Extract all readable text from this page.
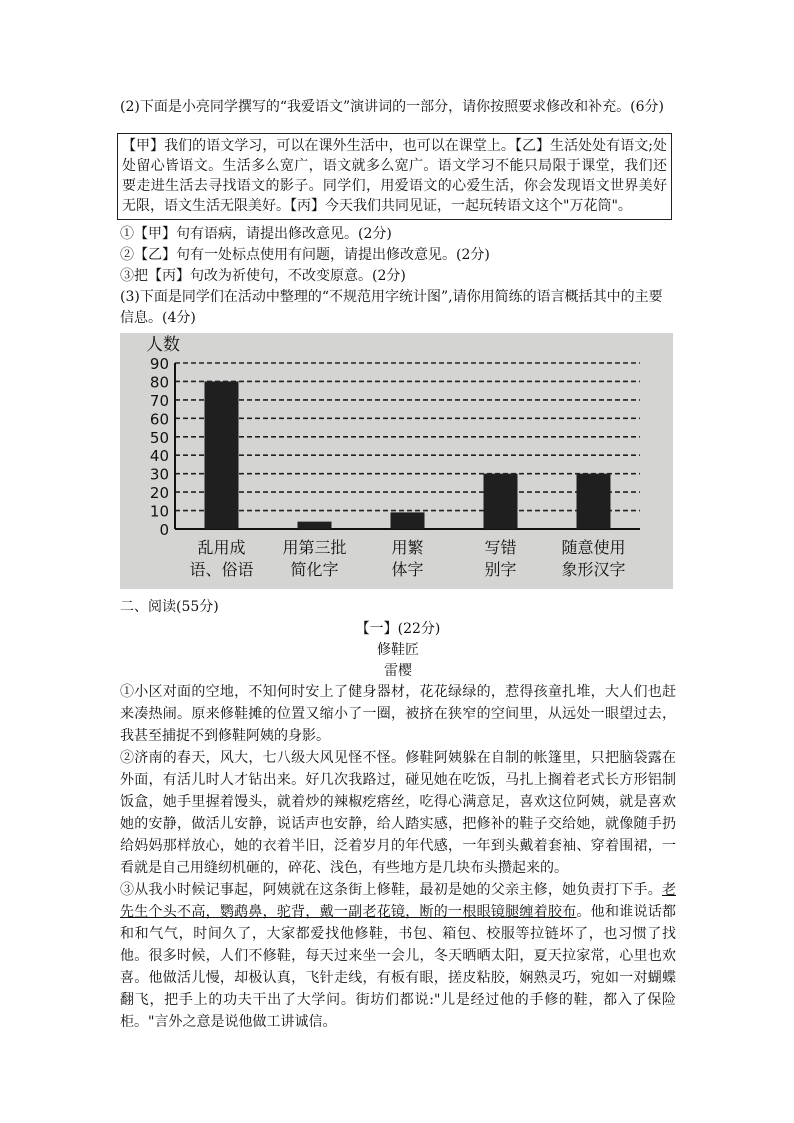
(2)下面是小亮同学撰写的“我爱语文”演讲词的一部分，请你按照要求修改和补充。(6分)
【甲】我们的语文学习，可以在课外生活中，也可以在课堂上。【乙】生活处处有语文;处处留心皆语文。生活多么宽广，语文就多么宽广。语文学习不能只局限于课堂，我们还要走进生活去寻找语文的影子。同学们，用爱语文的心爱生活，你会发现语文世界美好无限，语文生活无限美好。【丙】今天我们共同见证，一起玩转语文这个"万花筒"。
①【甲】句有语病，请提出修改意见。(2分)
②【乙】句有一处标点使用有问题，请提出修改意见。(2分)
③把【丙】句改为祈使句，不改变原意。(2分)
(3)下面是同学们在活动中整理的“不规范用字统计图”,请你用简练的语言概括其中的主要
信息。(4分)
人数
0
10
20
30
40
50
60
70
80
90
乱用成
语、俗语
用第三批
简化字
用繁
体字
写错
别字
随意使用
象形汉字
二、阅读(55分)
【一】(22分)
修鞋匠
雷樱
①小区对面的空地，不知何时安上了健身器材，花花绿绿的，惹得孩童扎堆，大人们也赶来凑热闹。原来修鞋摊的位置又缩小了一圈，被挤在狭窄的空间里，从远处一眼望过去，我甚至捕捉不到修鞋阿姨的身影。
②济南的春天，风大，七八级大风见怪不怪。修鞋阿姨躲在自制的帐篷里，只把脑袋露在外面，有活儿时人才钻出来。好几次我路过，碰见她在吃饭，马扎上搁着老式长方形铝制饭盒，她手里握着馒头，就着炒的辣椒疙瘩丝，吃得心满意足，喜欢这位阿姨，就是喜欢她的安静，做活儿安静，说话声也安静，给人踏实感，把修补的鞋子交给她，就像随手扔给妈妈那样放心，她的衣着半旧，泛着岁月的年代感，一年到头戴着套袖、穿着围裙，一看就是自己用缝纫机砸的，碎花、浅色，有些地方是几块布头攒起来的。
③从我小时候记事起，阿姨就在这条街上修鞋，最初是她的父亲主修，她负责打下手。老先生个头不高，鹦鹉鼻，驼背，戴一副老花镜，断的一根眼镜腿缠着胶布。他和谁说话都和和气气，时间久了，大家都爱找他修鞋，书包、箱包、校服等拉链坏了，也习惯了找他。很多时候，人们不修鞋，每天过来坐一会儿，冬天晒晒太阳，夏天拉家常，心里也欢喜。他做活儿慢，却极认真，飞针走线，有板有眼，搓皮粘胶，娴熟灵巧，宛如一对蝴蝶翻飞，把手上的功夫干出了大学问。街坊们都说:"儿是经过他的手修的鞋，都入了保险柜。"言外之意是说他做工讲诚信。
